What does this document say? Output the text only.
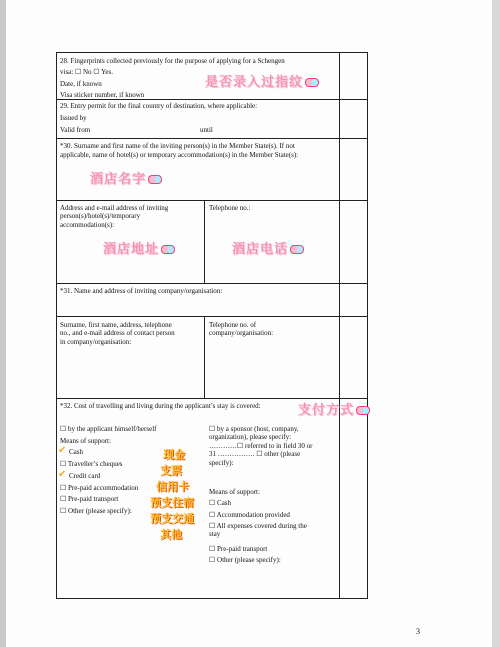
28. Fingerprints collected previously for the purpose of applying for a Schengen
visa: ☐ No ☐ Yes.
Date, if known
Visa sticker number, if known
是否录入过指纹
29. Entry permit for the final country of destination, where applicable:
Issued by
Valid from	until
*30. Surname and first name of the inviting person(s) in the Member State(s). If not
applicable, name of hotel(s) or temporary accommodation(s) in the Member State(s):
酒店名字
Address and e-mail address of inviting
person(s)/hotel(s)/temporary
accommodation(s):
Telephone no.:
酒店地址	酒店电话
*31. Name and address of inviting company/organisation:
Surname, first name, address, telephone
no., and e-mail address of contact person
in company/organisation:
Telephone no. of
company/organisation:
*32. Cost of travelling and living during the applicant’s stay is covered:	支付方式
☐ by the applicant himself/herself
Means of support:
✔ Cash
☐ Traveller’s cheques
✔ Credit card
☐ Pre-paid accommodation
☐ Pre-paid transport
☐ Other (please specify):
现金
支票
信用卡
预支住宿
预支交通
其他
☐ by a sponsor (host, company,
organization), please specify:
…………☐ referred to in field 30 or
31 ……………. ☐ other (please
specify):
Means of support:
☐ Cash
☐ Accommodation provided
☐ All expenses covered during the
stay
☐ Pre-paid transport
☐ Other (please specify):
3
